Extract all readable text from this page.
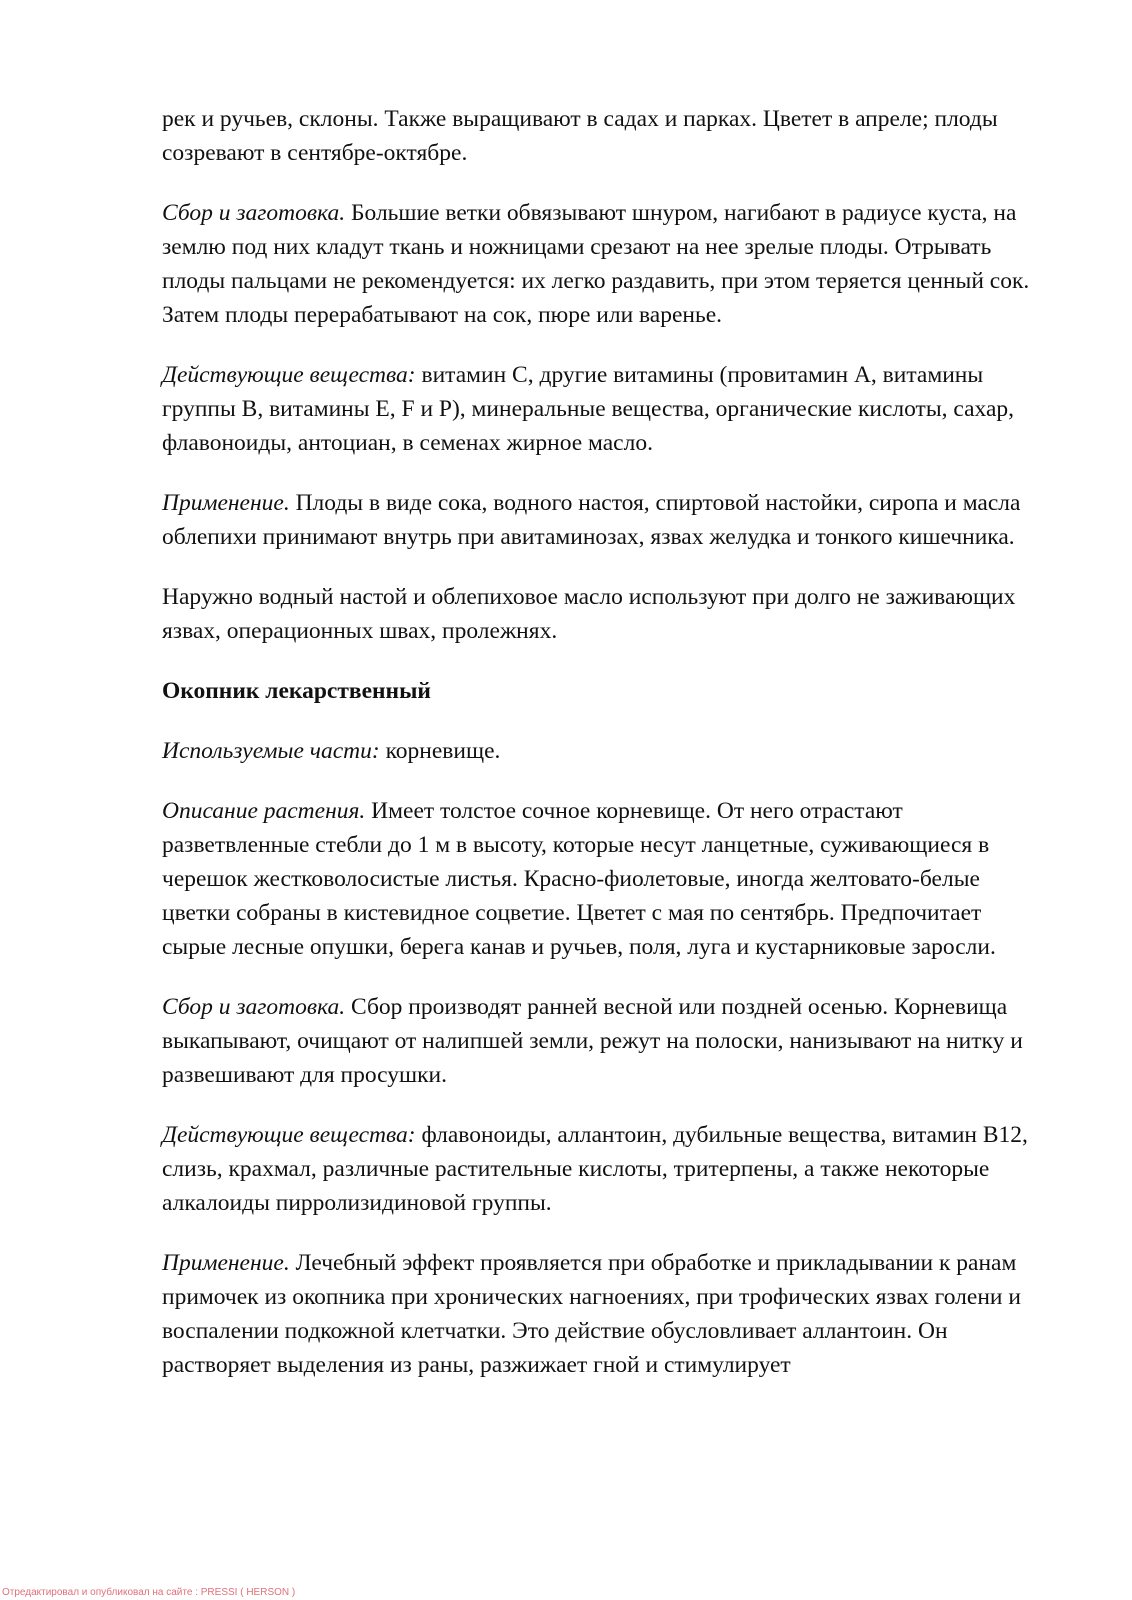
рек и ручьев, склоны. Также выращивают в садах и парках. Цветет в апреле; плоды созревают в сентябре-октябре.

Сбор и заготовка. Большие ветки обвязывают шнуром, нагибают в радиусе куста, на землю под них кладут ткань и ножницами срезают на нее зрелые плоды. Отрывать плоды пальцами не рекомендуется: их легко раздавить, при этом теряется ценный сок. Затем плоды перерабатывают на сок, пюре или варенье.

Действующие вещества: витамин С, другие витамины (провитамин А, витамины группы В, витамины Е, F и Р), минеральные вещества, органические кислоты, сахар, флавоноиды, антоциан, в семенах жирное масло.

Применение. Плоды в виде сока, водного настоя, спиртовой настойки, сиропа и масла облепихи принимают внутрь при авитаминозах, язвах желудка и тонкого кишечника.

Наружно водный настой и облепиховое масло используют при долго не заживающих язвах, операционных швах, пролежнях.

Окопник лекарственный

Используемые части: корневище.

Описание растения. Имеет толстое сочное корневище. От него отрастают разветвленные стебли до 1 м в высоту, которые несут ланцетные, суживающиеся в черешок жестковолосистые листья. Красно-фиолетовые, иногда желтовато-белые цветки собраны в кистевидное соцветие. Цветет с мая по сентябрь. Предпочитает сырые лесные опушки, берега канав и ручьев, поля, луга и кустарниковые заросли.

Сбор и заготовка. Сбор производят ранней весной или поздней осенью. Корневища выкапывают, очищают от налипшей земли, режут на полоски, нанизывают на нитку и развешивают для просушки.

Действующие вещества: флавоноиды, аллантоин, дубильные вещества, витамин В12, слизь, крахмал, различные растительные кислоты, тритерпены, а также некоторые алкалоиды пирролизидиновой группы.

Применение. Лечебный эффект проявляется при обработке и прикладывании к ранам примочек из окопника при хронических нагноениях, при трофических язвах голени и воспалении подкожной клетчатки. Это действие обусловливает аллантоин. Он растворяет выделения из раны, разжижает гной и стимулирует

Отредактировал и опубликовал на сайте : PRESSI ( HERSON )
